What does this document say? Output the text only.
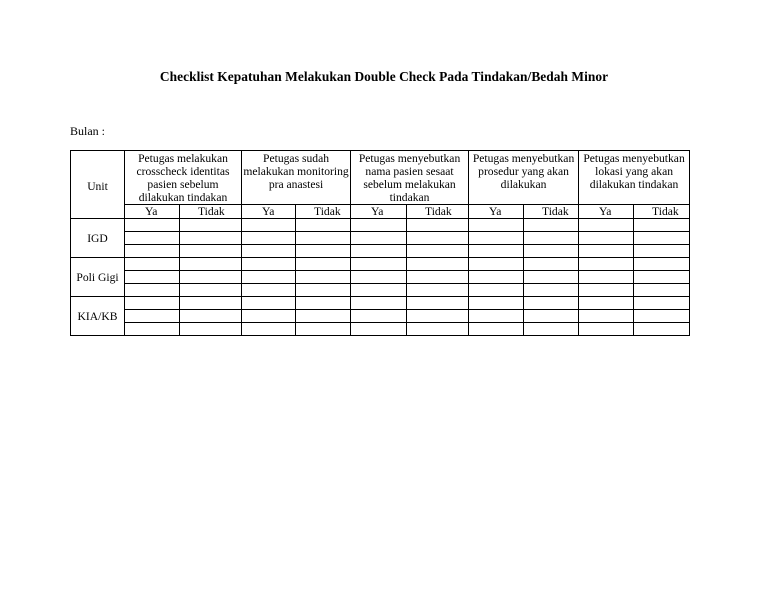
Checklist Kepatuhan Melakukan Double Check Pada Tindakan/Bedah Minor
Bulan :
Unit	Petugas melakukan crosscheck identitas pasien sebelum dilakukan tindakan		Petugas sudah melakukan monitoring pra anastesi		Petugas menyebutkan nama pasien sesaat sebelum melakukan tindakan		Petugas menyebutkan prosedur yang akan dilakukan		Petugas menyebutkan lokasi yang akan dilakukan tindakan	
	Ya	Tidak	Ya	Tidak	Ya	Tidak	Ya	Tidak	Ya	Tidak
IGD										

Poli Gigi										

KIA/KB										
